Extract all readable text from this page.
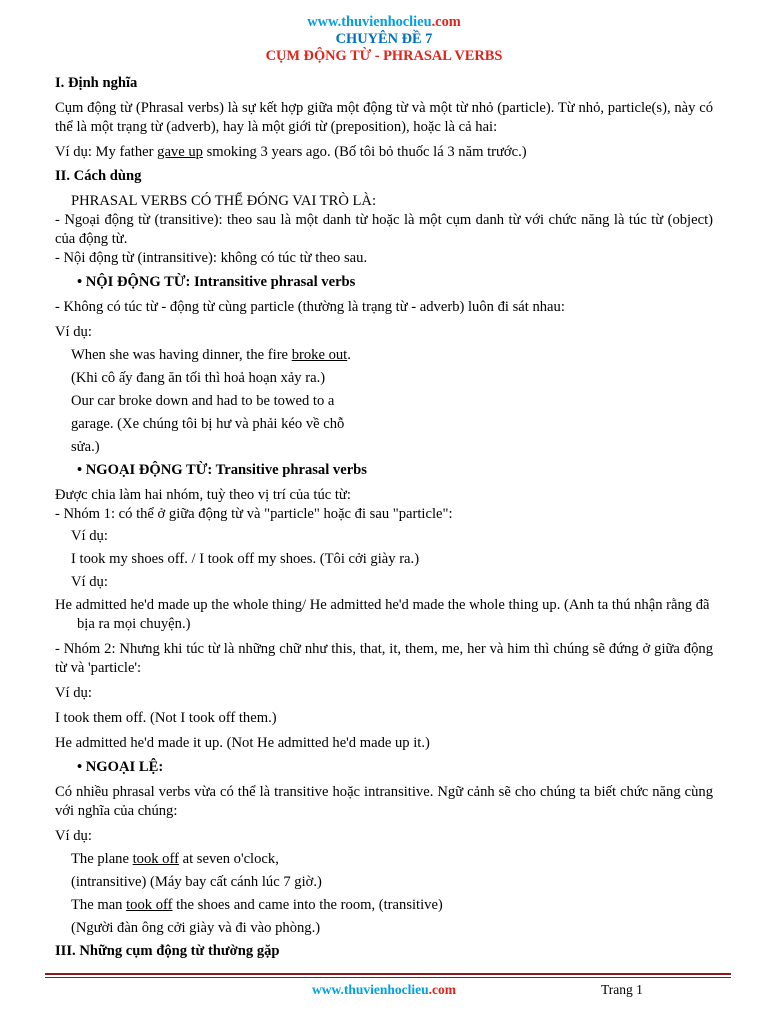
www.thuvienhoclieu.com
CHUYÊN ĐỀ 7
CỤM ĐỘNG TỪ - PHRASAL VERBS

I. Định nghĩa

Cụm động từ (Phrasal verbs) là sự kết hợp giữa một động từ và một từ nhỏ (particle). Từ nhỏ, particle(s), này có thể là một trạng từ (adverb), hay là một giới từ (preposition), hoặc là cả hai:

Ví dụ: My father gave up smoking 3 years ago. (Bố tôi bỏ thuốc lá 3 năm trước.)

II. Cách dùng

PHRASAL VERBS CÓ THỂ ĐÓNG VAI TRÒ LÀ:

- Ngoại động từ (transitive): theo sau là một danh từ hoặc là một cụm danh từ với chức năng là túc từ (object) của động từ.

- Nội động từ (intransitive): không có túc từ theo sau.

• NỘI ĐỘNG TỪ: Intransitive phrasal verbs

- Không có túc từ - động từ cùng particle (thường là trạng từ - adverb) luôn đi sát nhau:

Ví dụ:

When she was having dinner, the fire broke out. (Khi cô ấy đang ăn tối thì hoả hoạn xảy ra.)

Our car broke down and had to be towed to a garage. (Xe chúng tôi bị hư và phải kéo về chỗ sửa.)

• NGOẠI ĐỘNG TỪ: Transitive phrasal verbs

Được chia làm hai nhóm, tuỳ theo vị trí của túc từ:

- Nhóm 1: có thể ở giữa động từ và "particle" hoặc đi sau "particle":

Ví dụ:

I took my shoes off. / I took off my shoes. (Tôi cởi giày ra.) Ví dụ:

He admitted he'd made up the whole thing/ He admitted he'd made the whole thing up. (Anh ta thú nhận rằng đã bịa ra mọi chuyện.)

- Nhóm 2: Nhưng khi túc từ là những chữ như this, that, it, them, me, her và him thì chúng sẽ đứng ở giữa động từ và 'particle':

Ví dụ:

I took them off. (Not I took off them.)

He admitted he'd made it up. (Not He admitted he'd made up it.)

• NGOẠI LỆ:

Có nhiều phrasal verbs vừa có thể là transitive hoặc intransitive. Ngữ cảnh sẽ cho chúng ta biết chức năng cùng với nghĩa của chúng:

Ví dụ:

The plane took off at seven o'clock,

(intransitive) (Máy bay cất cánh lúc 7 giờ.)

The man took off the shoes and came into the room, (transitive)

(Người đàn ông cởi giày và đi vào phòng.)

III. Những cụm động từ thường gặp

www.thuvienhoclieu.com	Trang 1
